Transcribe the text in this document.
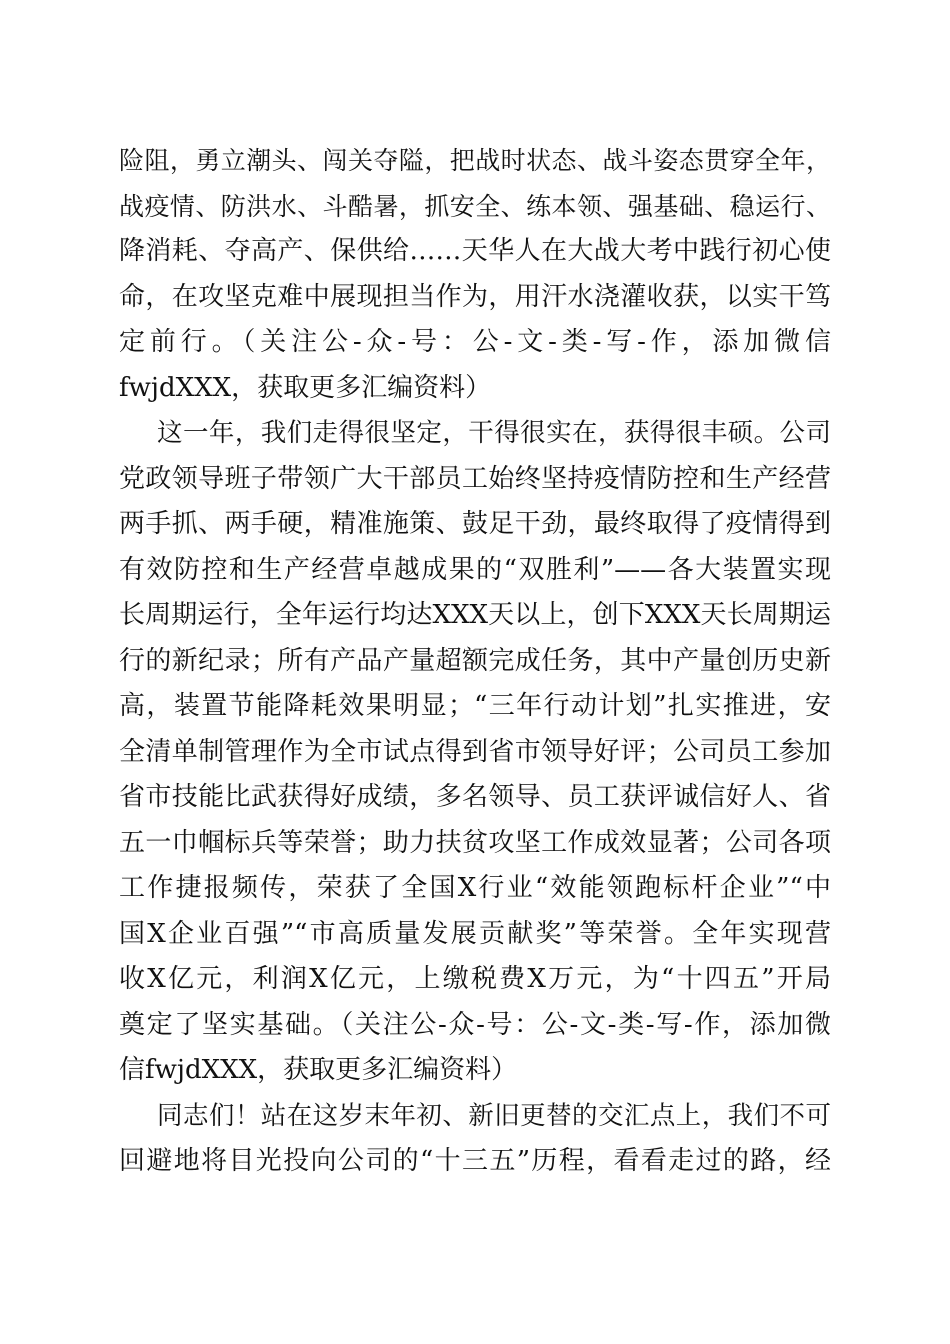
险阻，勇立潮头、闯关夺隘，把战时状态、战斗姿态贯穿全年，
战疫情、防洪水、斗酷暑，抓安全、练本领、强基础、稳运行、
降消耗、夺高产、保供给……天华人在大战大考中践行初心使
命，在攻坚克难中展现担当作为，用汗水浇灌收获，以实干笃
定前行。（关注公-众-号：公-文-类-写-作，添加微信
fwjdXXX，获取更多汇编资料）
这一年，我们走得很坚定，干得很实在，获得很丰硕。公司
党政领导班子带领广大干部员工始终坚持疫情防控和生产经营
两手抓、两手硬，精准施策、鼓足干劲，最终取得了疫情得到
有效防控和生产经营卓越成果的“双胜利”——各大装置实现
长周期运行，全年运行均达XXX天以上，创下XXX天长周期运
行的新纪录；所有产品产量超额完成任务，其中产量创历史新
高，装置节能降耗效果明显；“三年行动计划”扎实推进，安
全清单制管理作为全市试点得到省市领导好评；公司员工参加
省市技能比武获得好成绩，多名领导、员工获评诚信好人、省
五一巾帼标兵等荣誉；助力扶贫攻坚工作成效显著；公司各项
工作捷报频传，荣获了全国X行业“效能领跑标杆企业”“中
国X企业百强”“市高质量发展贡献奖”等荣誉。全年实现营
收X亿元，利润X亿元，上缴税费X万元，为“十四五”开局
奠定了坚实基础。（关注公-众-号：公-文-类-写-作，添加微
信fwjdXXX，获取更多汇编资料）
同志们！站在这岁末年初、新旧更替的交汇点上，我们不可
回避地将目光投向公司的“十三五”历程，看看走过的路，经
